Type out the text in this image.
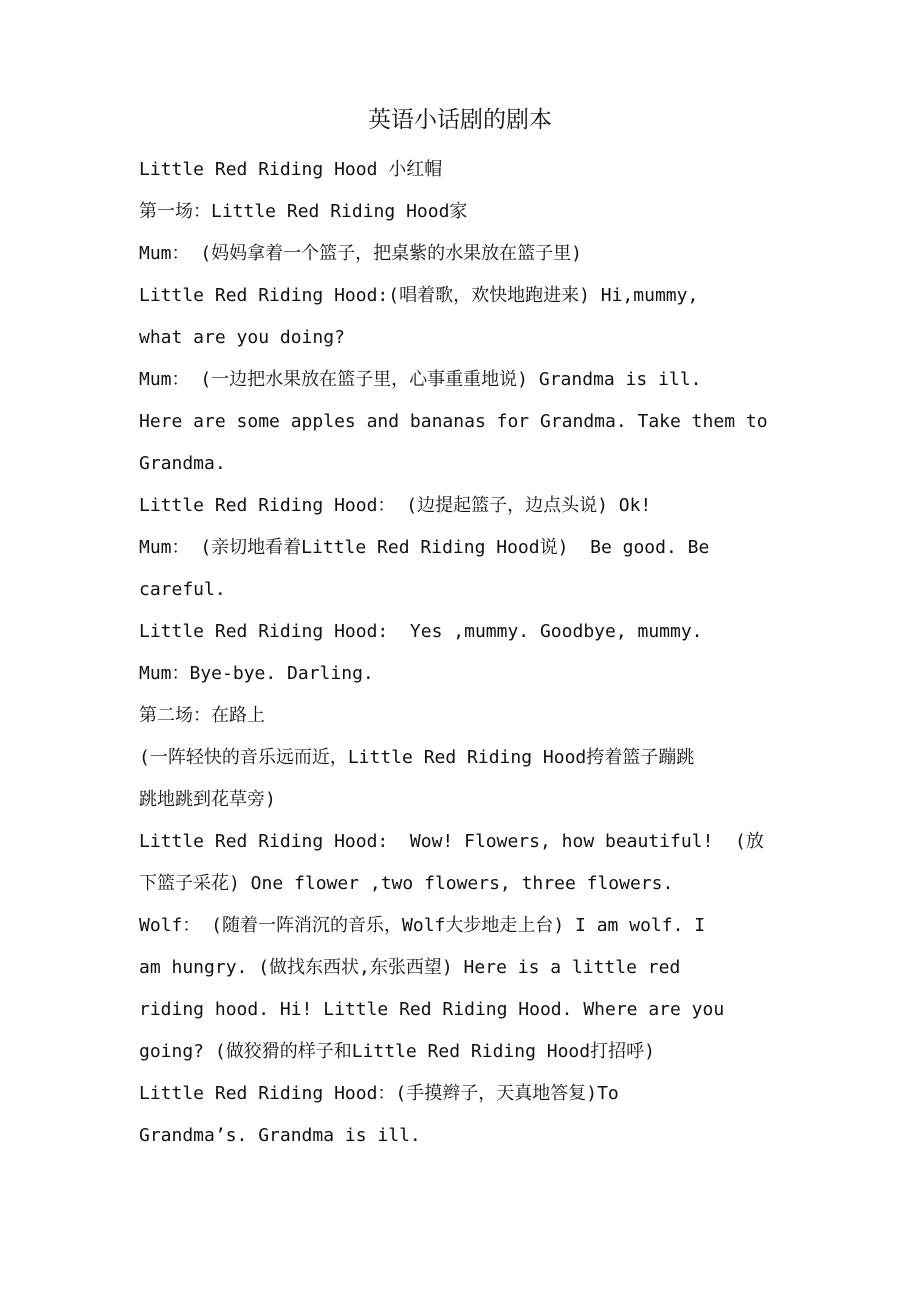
英语小话剧的剧本
Little Red Riding Hood 小红帽
第一场：Little Red Riding Hood家
Mum： (妈妈拿着一个篮子，把桌紫的水果放在篮子里)
Little Red Riding Hood:(唱着歌，欢快地跑进来) Hi,mummy,
what are you doing?
Mum： (一边把水果放在篮子里，心事重重地说) Grandma is ill.
Here are some apples and bananas for Grandma. Take them to
Grandma.
Little Red Riding Hood： (边提起篮子，边点头说) Ok!
Mum： (亲切地看着Little Red Riding Hood说)  Be good. Be
careful.
Little Red Riding Hood:  Yes ,mummy. Goodbye, mummy.
Mum：Bye-bye. Darling.
第二场：在路上
(一阵轻快的音乐远而近，Little Red Riding Hood挎着篮子蹦跳
跳地跳到花草旁)
Little Red Riding Hood:  Wow! Flowers, how beautiful!  (放
下篮子采花) One flower ,two flowers, three flowers.
Wolf： (随着一阵消沉的音乐，Wolf大步地走上台) I am wolf. I
am hungry. (做找东西状,东张西望) Here is a little red
riding hood. Hi! Little Red Riding Hood. Where are you
going? (做狡猾的样子和Little Red Riding Hood打招呼)
Little Red Riding Hood：(手摸辫子，天真地答复)To
Grandma’s. Grandma is ill.
